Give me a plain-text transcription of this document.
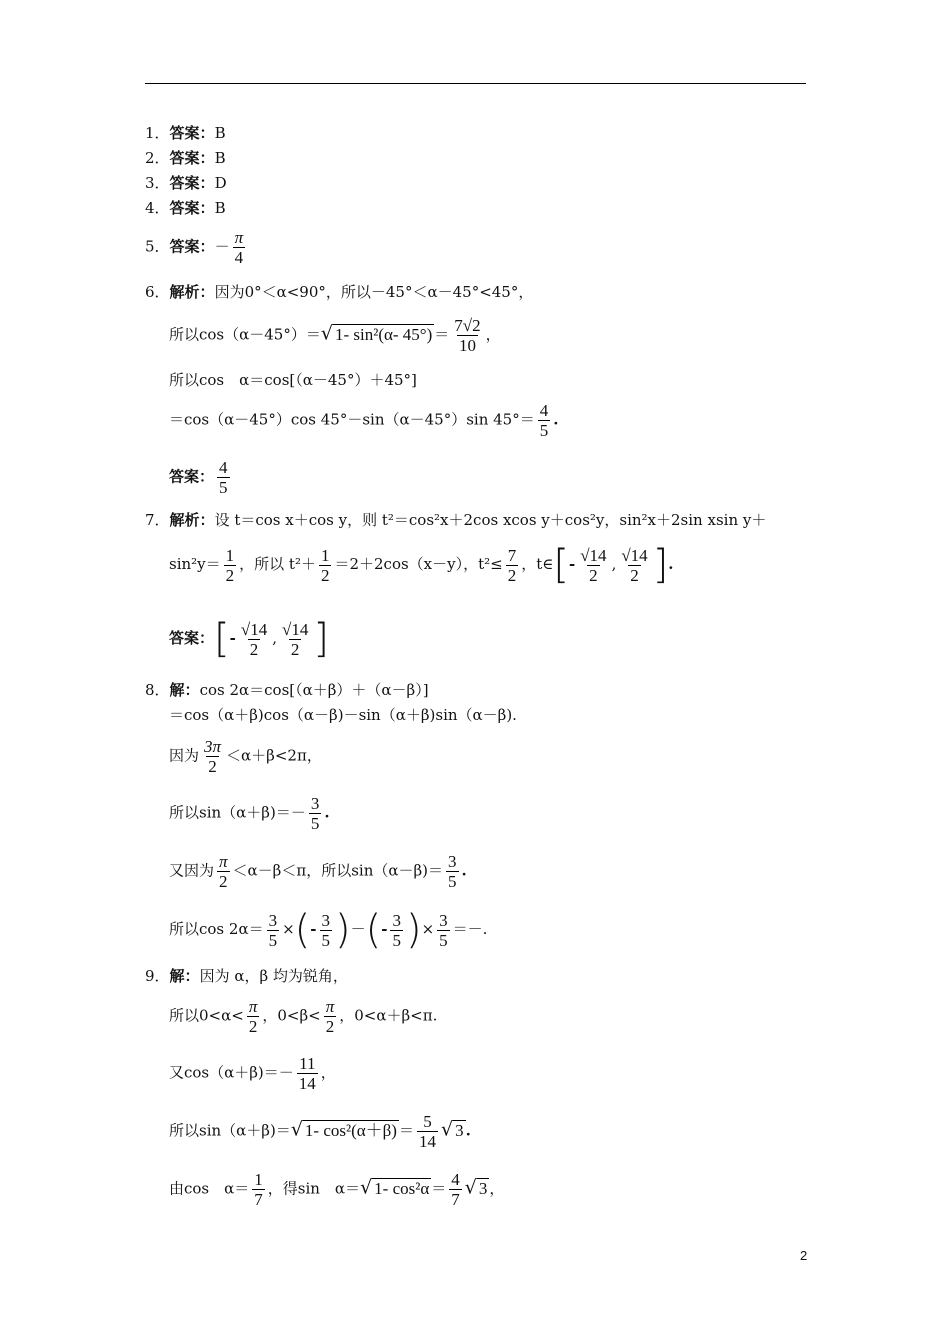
1．答案：B
2．答案：B
3．答案：D
4．答案：B
5．答案：－ $\frac{\pi}{4}$
6．解析：因为0°＜α<90°，所以－45°＜α－45°<45°，
所以cos（α－45°）＝√ 1- sin²(α- $45^\circ) = \frac{7√2}{10}$ ，
所以cos　α＝cos[（α－45°）＋45°]
＝cos（α－45°）cos 45°－sin（α－45°）sin $45^\circ= \frac{4}{5}$ .
答案： $\frac{4}{5}$
7．解析：设 t＝cos x＋cos y，则 t²＝cos²x＋2cos xcos y＋cos²y，sin²x＋2sin xsin y＋
$\sin^2y= \frac{1}{2}$ ，所以 $t^2+ \frac{1}{2} =2+2\cos(x-y)$，$t^2\le \frac{7}{2}$ ，t∈[- $\frac{√14}{2}$ , $\frac{√14}{2}$ ].
答案：[- $\frac{√14}{2}$ , $\frac{√14}{2}$ ]
8．解：cos 2α＝cos[（α＋β）＋（α－β）]
＝cos（α＋β)cos（α－β)－sin（α＋β)sin（α－β).
因为 $\frac{3\pi}{2} <\alpha+\beta<2\pi$，
所以$\sin(\alpha+\beta)=- \frac{3}{5}$ .
又因为 $\frac{\pi}{2} <\alpha-\beta<\pi$，所以$\sin(\alpha-\beta)= \frac{3}{5}$ .
所以$\cos 2\alpha= \frac{3}{5}$ ×(- $\frac{3}{5}$ )－(- $\frac{3}{5}$ )× $\frac{3}{5}$ ＝－.
9．解：因为 α，β 均为锐角，
所以$0<\alpha< \frac{\pi}{2}$ ，$0<\beta< \frac{\pi}{2}$ ，0<α＋β<π.
又$\cos(\alpha+\beta)=- \frac{11}{14}$ ，
所以sin（α＋β)＝√ 1- $\cos^2(\alpha+\beta) = \frac{5}{14}$ √ 3 .
由cos　$\alpha= \frac{1}{7}$ ，得sin　α＝√ 1- $\cos^2\alpha = \frac{4}{7}$ √ 3 ，
2
